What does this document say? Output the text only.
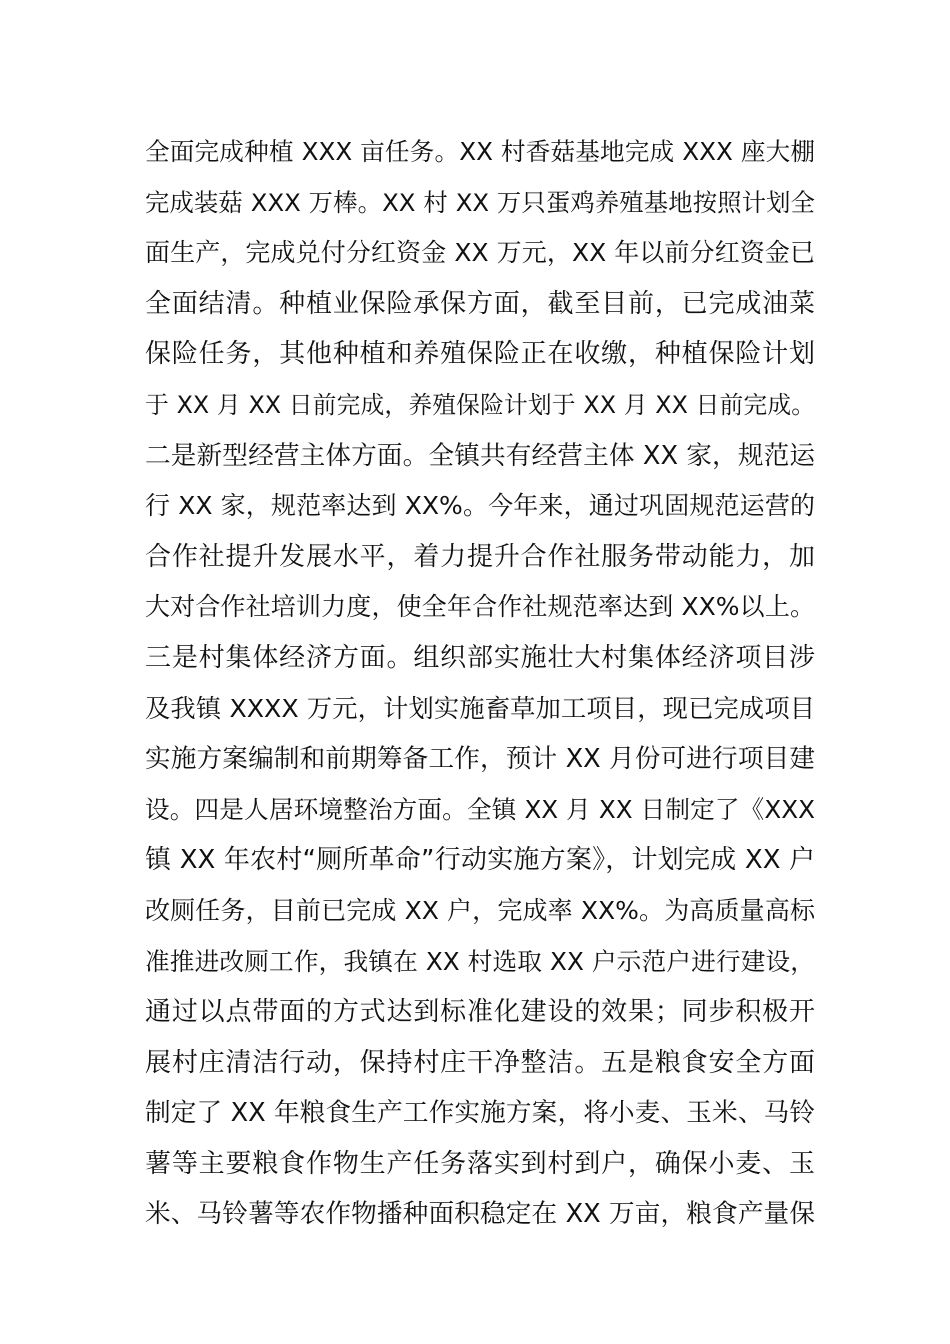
全面完成种植 XXX 亩任务。XX 村香菇基地完成 XXX 座大棚
完成装菇 XXX 万棒。XX 村 XX 万只蛋鸡养殖基地按照计划全
面生产，完成兑付分红资金 XX 万元，XX 年以前分红资金已
全面结清。种植业保险承保方面，截至目前，已完成油菜
保险任务，其他种植和养殖保险正在收缴，种植保险计划
于 XX 月 XX 日前完成，养殖保险计划于 XX 月 XX 日前完成。
二是新型经营主体方面。全镇共有经营主体 XX 家，规范运
行 XX 家，规范率达到 XX%。今年来，通过巩固规范运营的
合作社提升发展水平，着力提升合作社服务带动能力，加
大对合作社培训力度，使全年合作社规范率达到 XX%以上。
三是村集体经济方面。组织部实施壮大村集体经济项目涉
及我镇 XXXX 万元，计划实施畜草加工项目，现已完成项目
实施方案编制和前期筹备工作，预计 XX 月份可进行项目建
设。四是人居环境整治方面。全镇 XX 月 XX 日制定了《XXX
镇 XX 年农村“厕所革命”行动实施方案》，计划完成 XX 户
改厕任务，目前已完成 XX 户，完成率 XX%。为高质量高标
准推进改厕工作，我镇在 XX 村选取 XX 户示范户进行建设，
通过以点带面的方式达到标准化建设的效果；同步积极开
展村庄清洁行动，保持村庄干净整洁。五是粮食安全方面
制定了 XX 年粮食生产工作实施方案，将小麦、玉米、马铃
薯等主要粮食作物生产任务落实到村到户，确保小麦、玉
米、马铃薯等农作物播种面积稳定在 XX 万亩，粮食产量保
